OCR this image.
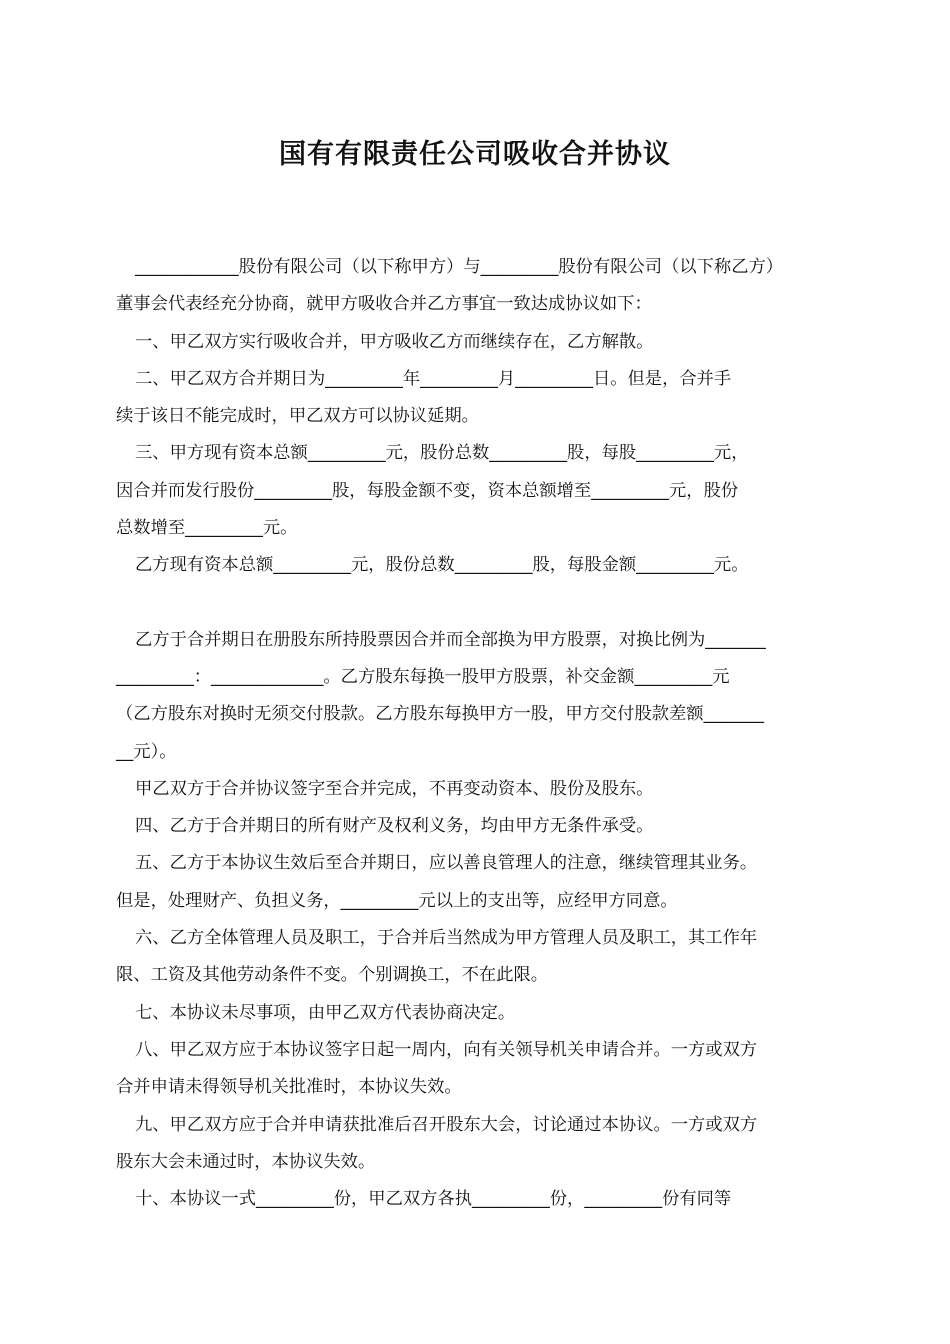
国有有限责任公司吸收合并协议

____________股份有限公司（以下称甲方）与_________股份有限公司（以下称乙方）

董事会代表经充分协商，就甲方吸收合并乙方事宜一致达成协议如下：

一、甲乙双方实行吸收合并，甲方吸收乙方而继续存在，乙方解散。

二、甲乙双方合并期日为_________年_________月_________日。但是，合并手

续于该日不能完成时，甲乙双方可以协议延期。

三、甲方现有资本总额_________元，股份总数_________股，每股_________元，

因合并而发行股份_________股，每股金额不变，资本总额增至_________元，股份

总数增至_________元。

乙方现有资本总额_________元，股份总数_________股，每股金额_________元。

乙方于合并期日在册股东所持股票因合并而全部换为甲方股票，对换比例为_______

_________：_____________。乙方股东每换一股甲方股票，补交金额_________元

（乙方股东对换时无须交付股款。乙方股东每换甲方一股，甲方交付股款差额_______

__元）。

甲乙双方于合并协议签字至合并完成，不再变动资本、股份及股东。

四、乙方于合并期日的所有财产及权利义务，均由甲方无条件承受。

五、乙方于本协议生效后至合并期日，应以善良管理人的注意，继续管理其业务。

但是，处理财产、负担义务，_________元以上的支出等，应经甲方同意。

六、乙方全体管理人员及职工，于合并后当然成为甲方管理人员及职工，其工作年

限、工资及其他劳动条件不变。个别调换工，不在此限。

七、本协议未尽事项，由甲乙双方代表协商决定。

八、甲乙双方应于本协议签字日起一周内，向有关领导机关申请合并。一方或双方

合并申请未得领导机关批准时，本协议失效。

九、甲乙双方应于合并申请获批准后召开股东大会，讨论通过本协议。一方或双方

股东大会未通过时，本协议失效。

十、本协议一式_________份，甲乙双方各执_________份，_________份有同等
